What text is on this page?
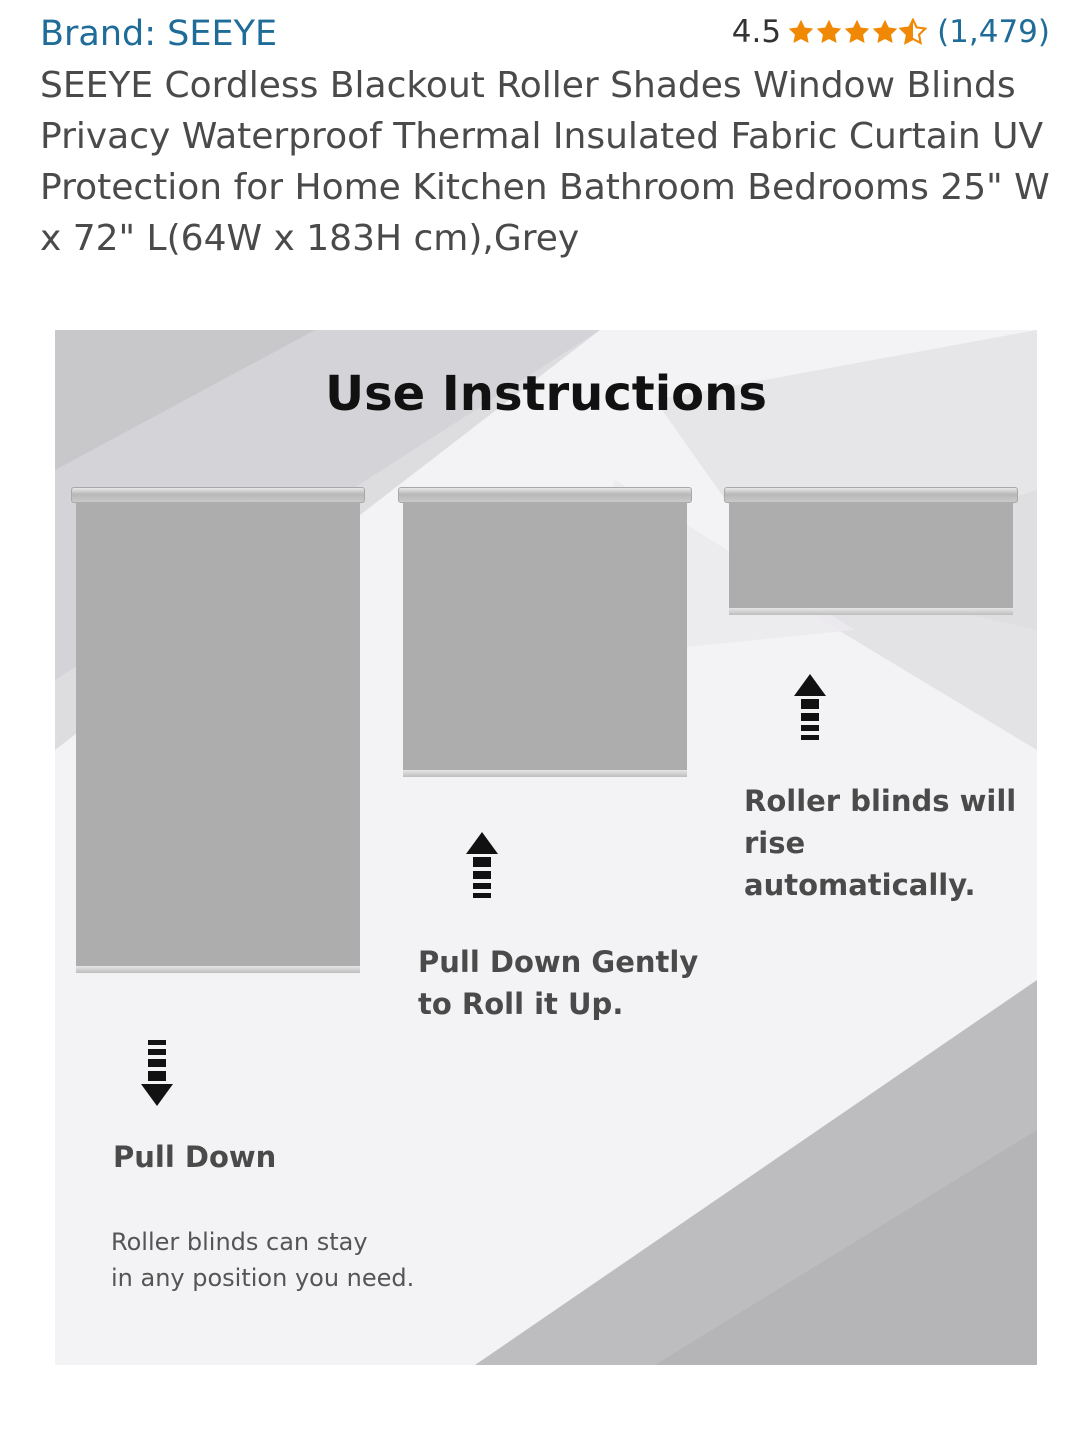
Brand: SEEYE	4.5	(1,479)
SEEYE Cordless Blackout Roller Shades Window Blinds Privacy Waterproof Thermal Insulated Fabric Curtain UV Protection for Home Kitchen Bathroom Bedrooms 25" W x 72" L(64W x 183H cm),Grey
Use Instructions
Pull Down
Roller blinds can stay
in any position you need.
Pull Down Gently
to Roll it Up.
Roller blinds will
rise automatically.
